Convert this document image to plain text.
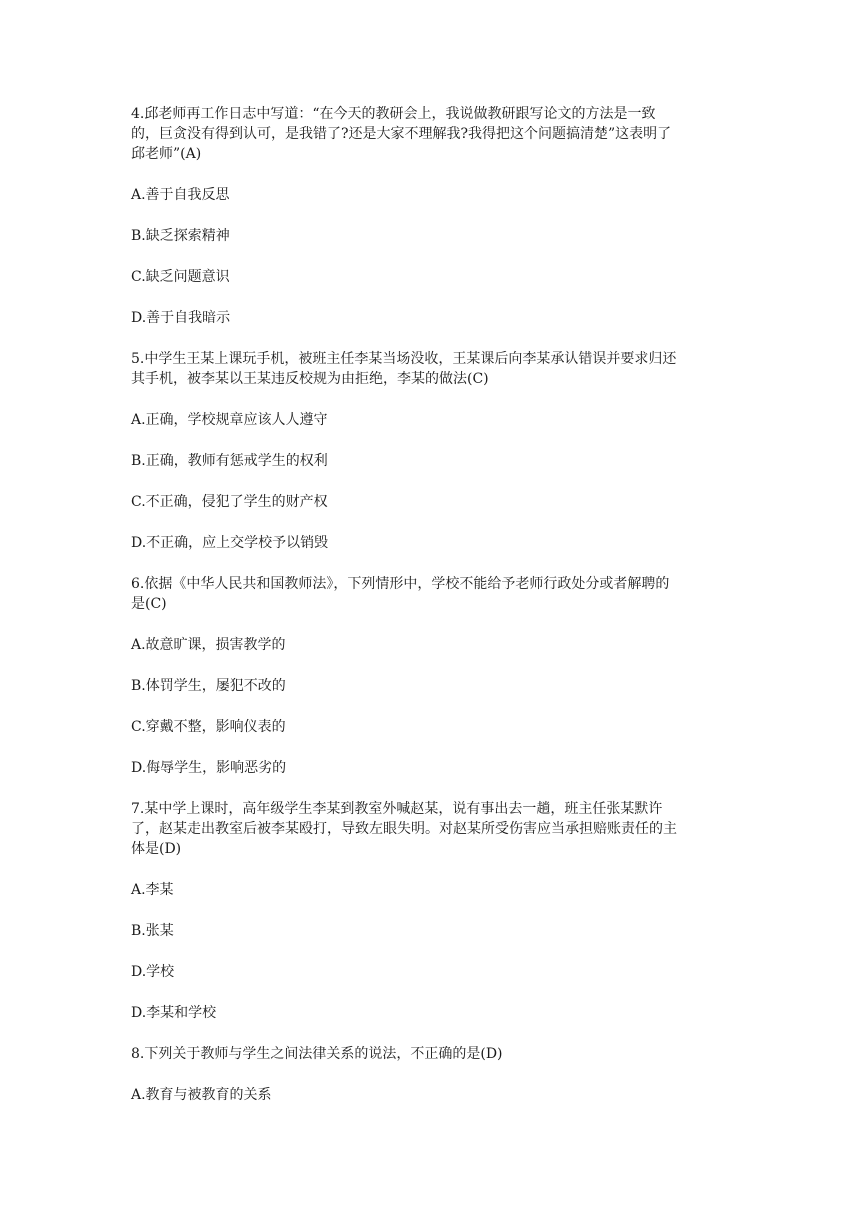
4.邱老师再工作日志中写道：“在今天的教研会上，我说做教研跟写论文的方法是一致

的，巨贪没有得到认可，是我错了?还是大家不理解我?我得把这个问题搞清楚”这表明了

邱老师”(A)

A.善于自我反思

B.缺乏探索精神

C.缺乏问题意识

D.善于自我暗示

5.中学生王某上课玩手机，被班主任李某当场没收，王某课后向李某承认错误并要求归还

其手机，被李某以王某违反校规为由拒绝，李某的做法(C)

A.正确，学校规章应该人人遵守

B.正确，教师有惩戒学生的权利

C.不正确，侵犯了学生的财产权

D.不正确，应上交学校予以销毁

6.依据《中华人民共和国教师法》，下列情形中，学校不能给予老师行政处分或者解聘的

是(C)

A.故意旷课，损害教学的

B.体罚学生，屡犯不改的

C.穿戴不整，影响仪表的

D.侮辱学生，影响恶劣的

7.某中学上课时，高年级学生李某到教室外喊赵某，说有事出去一趟，班主任张某默许

了，赵某走出教室后被李某殴打，导致左眼失明。对赵某所受伤害应当承担赔账责任的主

体是(D)

A.李某

B.张某

D.学校

D.李某和学校

8.下列关于教师与学生之间法律关系的说法，不正确的是(D)

A.教育与被教育的关系
